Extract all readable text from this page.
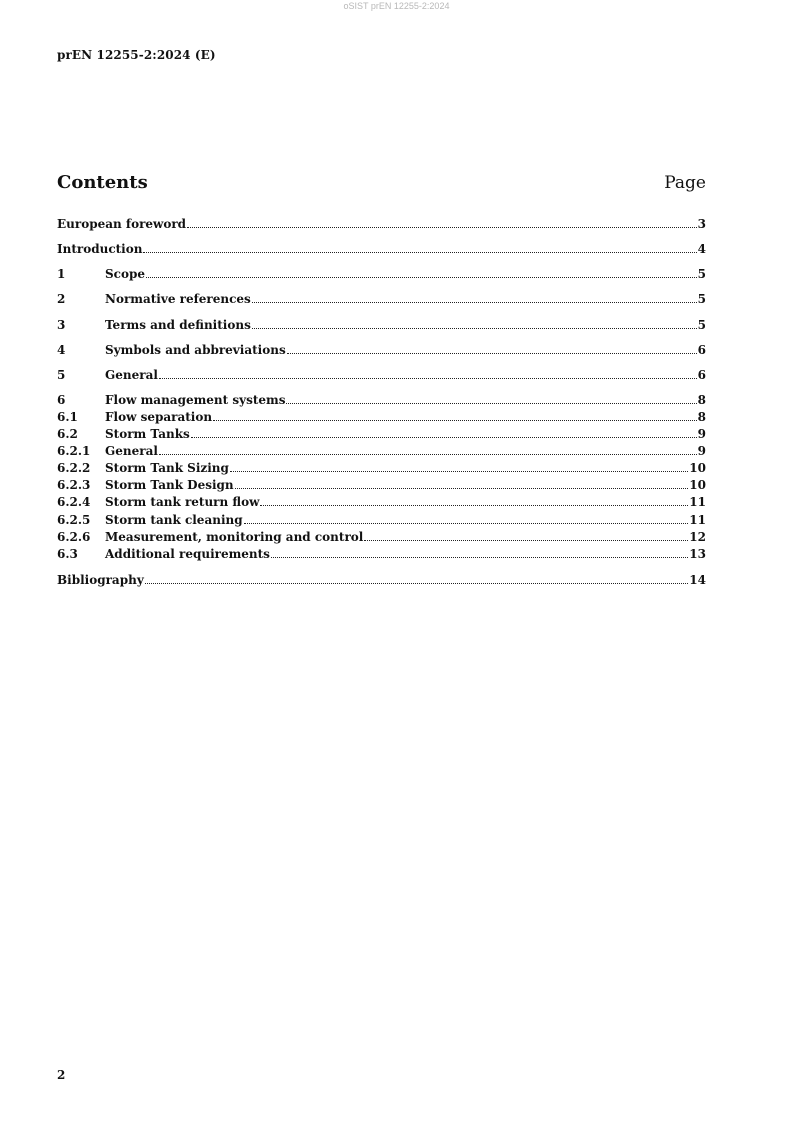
oSIST prEN 12255-2:2024
prEN 12255-2:2024 (E)
Contents	Page
European foreword	3
Introduction	4
1	Scope	5
2	Normative references	5
3	Terms and definitions	5
4	Symbols and abbreviations	6
5	General	6
6	Flow management systems	8
6.1	Flow separation	8
6.2	Storm Tanks	9
6.2.1	General	9
6.2.2	Storm Tank Sizing	10
6.2.3	Storm Tank Design	10
6.2.4	Storm tank return flow	11
6.2.5	Storm tank cleaning	11
6.2.6	Measurement, monitoring and control	12
6.3	Additional requirements	13
Bibliography	14
2
